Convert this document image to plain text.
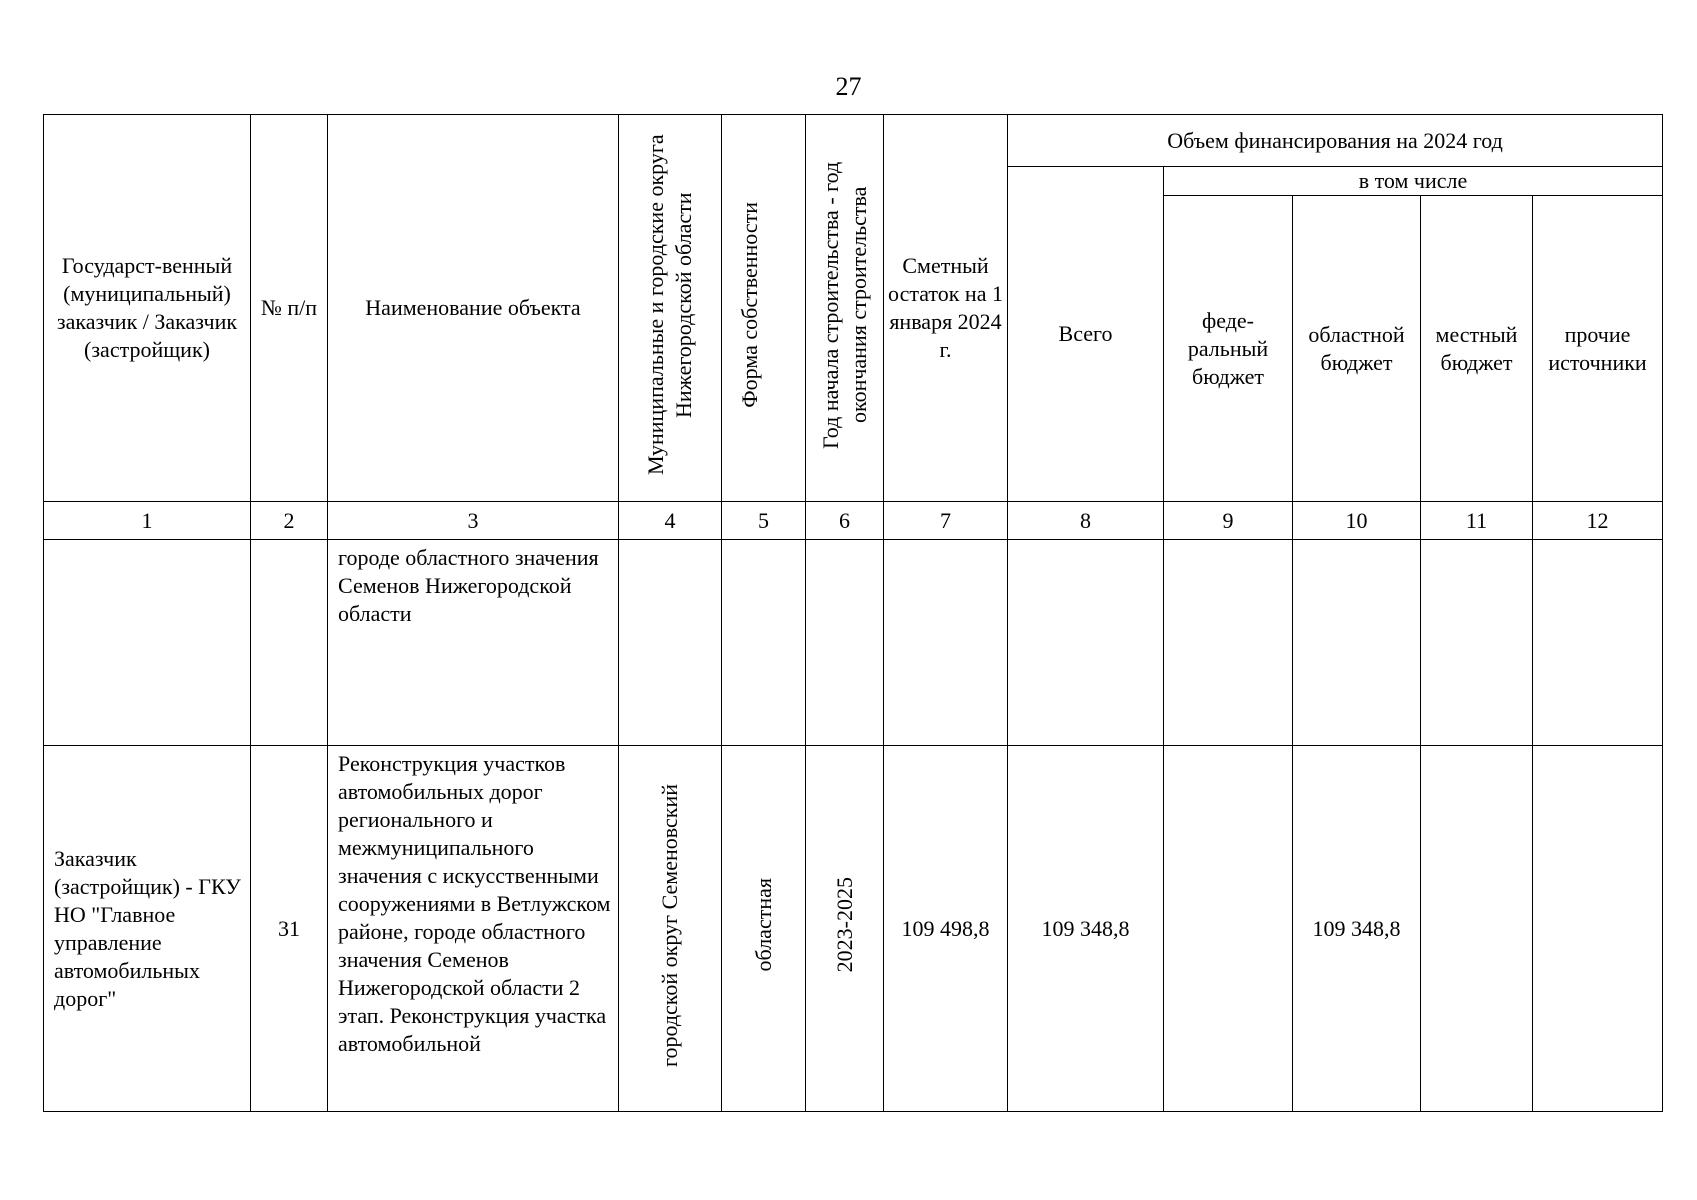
27
Государст-венный (муниципальный) заказчик / Заказчик (застройщик)	№ п/п	Наименование объекта	Муниципальные и городские округа Нижегородской области	Форма собственности	Год начала строительства - год окончания строительства	Сметный остаток на 1 января 2024 г.	Объем финансирования на 2024 год				
							Всего	в том числе			
								феде-ральный бюджет	областной бюджет	местный бюджет	прочие источники
1	2	3	4	5	6	7	8	9	10	11	12
		городе областного значения Семенов Нижегородской области									
Заказчик (застройщик) - ГКУ НО "Главное управление автомобильных дорог"	31	Реконструкция участков автомобильных дорог регионального и межмуниципального значения с искусственными сооружениями в Ветлужском районе, городе областного значения Семенов Нижегородской области 2 этап. Реконструкция участка автомобильной	городской округ Семеновский	областная	2023-2025	109 498,8	109 348,8		109 348,8		
